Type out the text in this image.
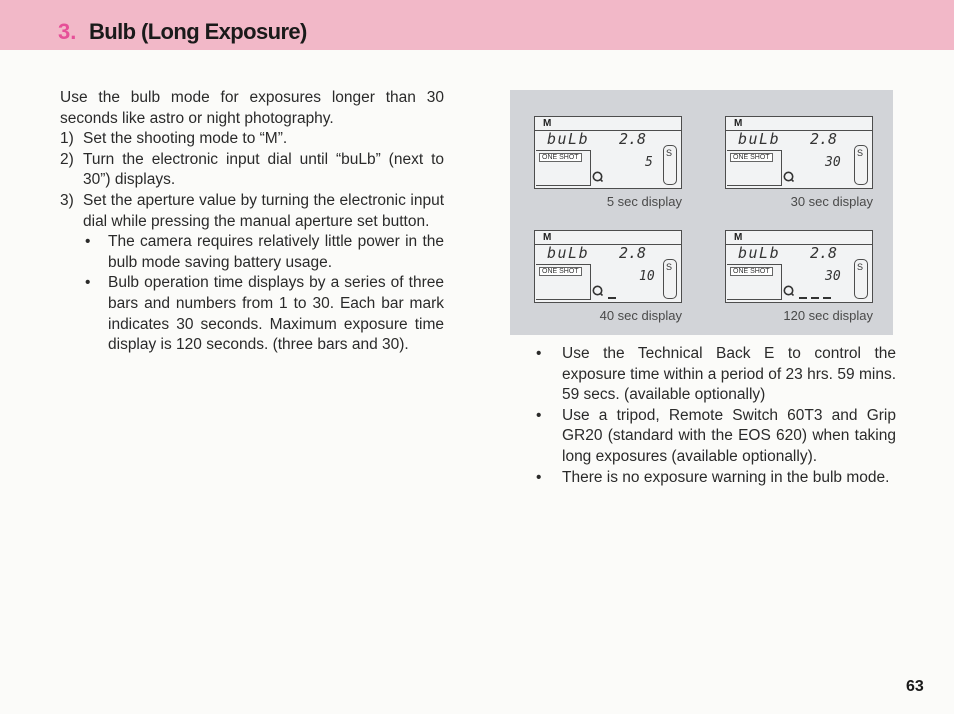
3. Bulb (Long Exposure)

Use the bulb mode for exposures longer than 30 seconds like astro or night photography.

1) Set the shooting mode to “M”.
2) Turn the electronic input dial until “buLb” (next to 30”) displays.
3) Set the aperture value by turning the electronic input dial while pressing the manual aperture set button.
• The camera requires relatively little power in the bulb mode saving battery usage.
• Bulb operation time displays by a series of three bars and numbers from 1 to 30. Each bar mark indicates 30 seconds. Maximum exposure time display is 120 seconds. (three bars and 30).
M
buLb 2.8
ONE SHOT	5
S
5 sec display
M
buLb 2.8
ONE SHOT	30
S
30 sec display
M
buLb 2.8
ONE SHOT	10
S
40 sec display
M
buLb 2.8
ONE SHOT	30
S
120 sec display
• Use the Technical Back E to control the exposure time within a period of 23 hrs. 59 mins. 59 secs. (available optionally)
• Use a tripod, Remote Switch 60T3 and Grip GR20 (standard with the EOS 620) when taking long exposures (available optionally).
• There is no exposure warning in the bulb mode.
63
